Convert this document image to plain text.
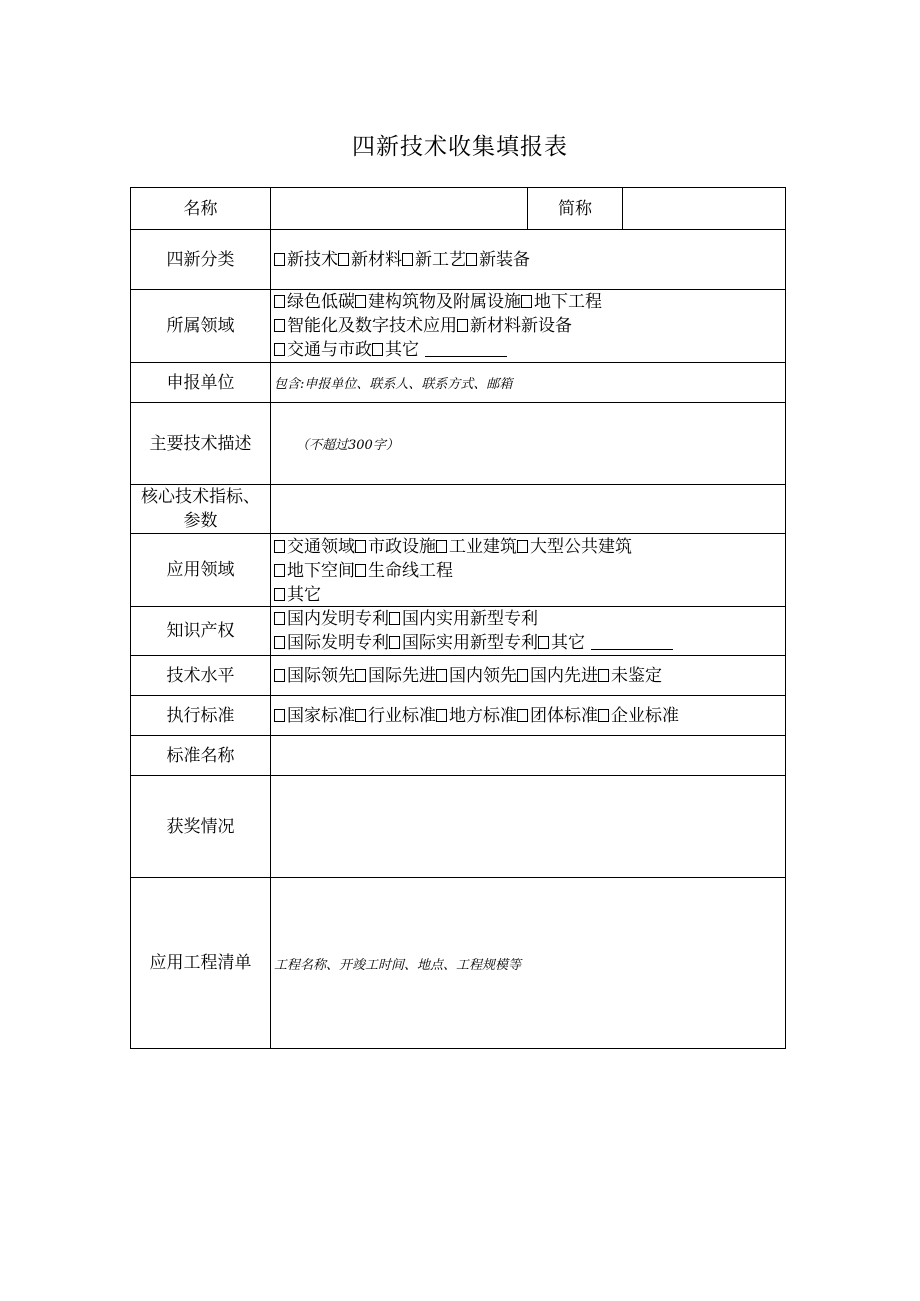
四新技术收集填报表
名称		简称	
四新分类	新技术 新材料 新工艺 新装备		

所属领域	绿色低碳 建构筑物及附属设施 地下工程
智能化及数字技术应用 新材料新设备
交通与市政 其它		

申报单位	包含:申报单位、联系人、联系方式、邮箱		
主要技术描述	（不超过300字）		

核心技术指标、
参数			

应用领域	交通领域 市政设施 工业建筑 大型公共建筑
地下空间 生命线工程
其它		

知识产权	国内发明专利 国内实用新型专利
国际发明专利 国际实用新型专利 其它		

技术水平	国际领先 国际先进 国内领先 国内先进 未鉴定		

执行标准	国家标准 行业标准 地方标准 团体标准 企业标准		

标准名称			
获奖情况			
应用工程清单	工程名称、开竣工时间、地点、工程规模等		
